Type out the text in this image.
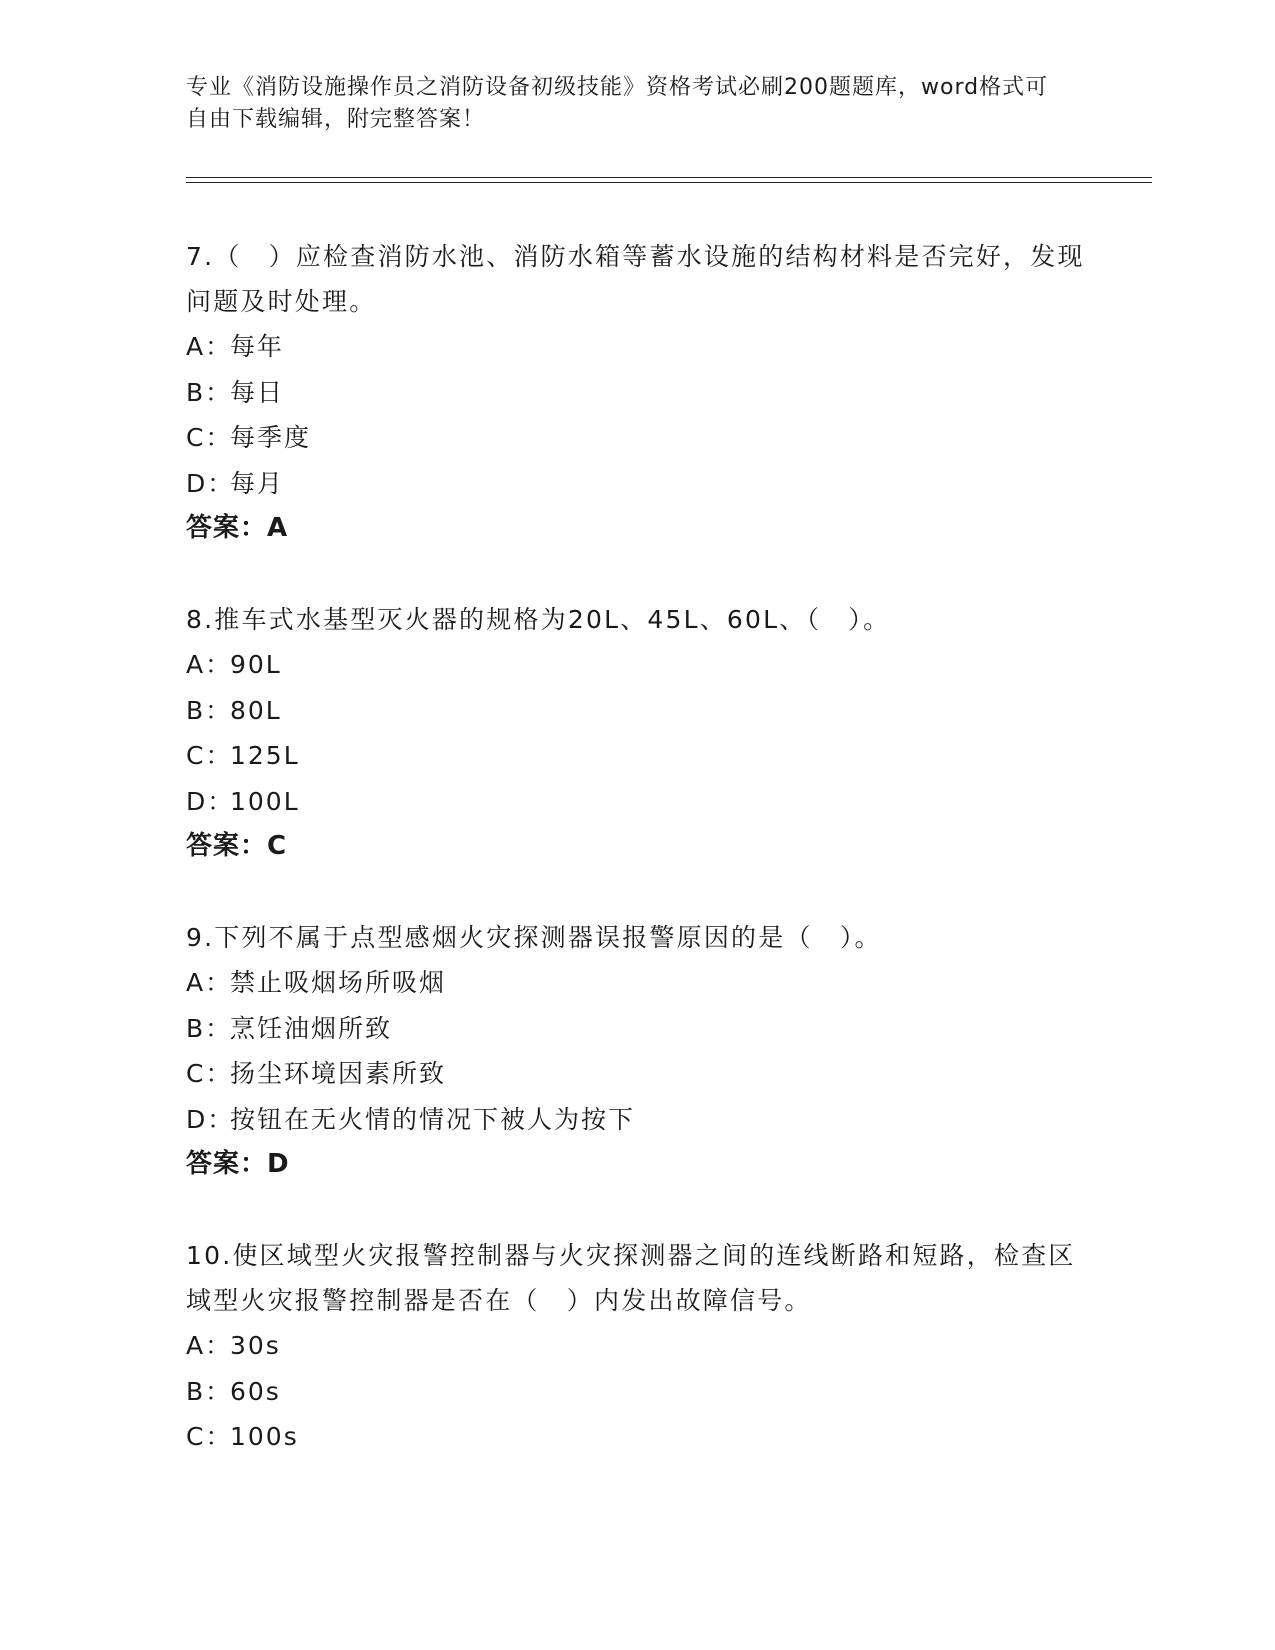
专业《消防设施操作员之消防设备初级技能》资格考试必刷200题题库，word格式可自由下载编辑，附完整答案！

7.（　）应检查消防水池、消防水箱等蓄水设施的结构材料是否完好，发现问题及时处理。

A：每年

B：每日

C：每季度

D：每月

答案：A

8.推车式水基型灭火器的规格为20L、45L、60L、（　）。

A：90L

B：80L

C：125L

D：100L

答案：C

9.下列不属于点型感烟火灾探测器误报警原因的是（　）。

A：禁止吸烟场所吸烟

B：烹饪油烟所致

C：扬尘环境因素所致

D：按钮在无火情的情况下被人为按下

答案：D

10.使区域型火灾报警控制器与火灾探测器之间的连线断路和短路，检查区域型火灾报警控制器是否在（　）内发出故障信号。

A：30s

B：60s

C：100s
